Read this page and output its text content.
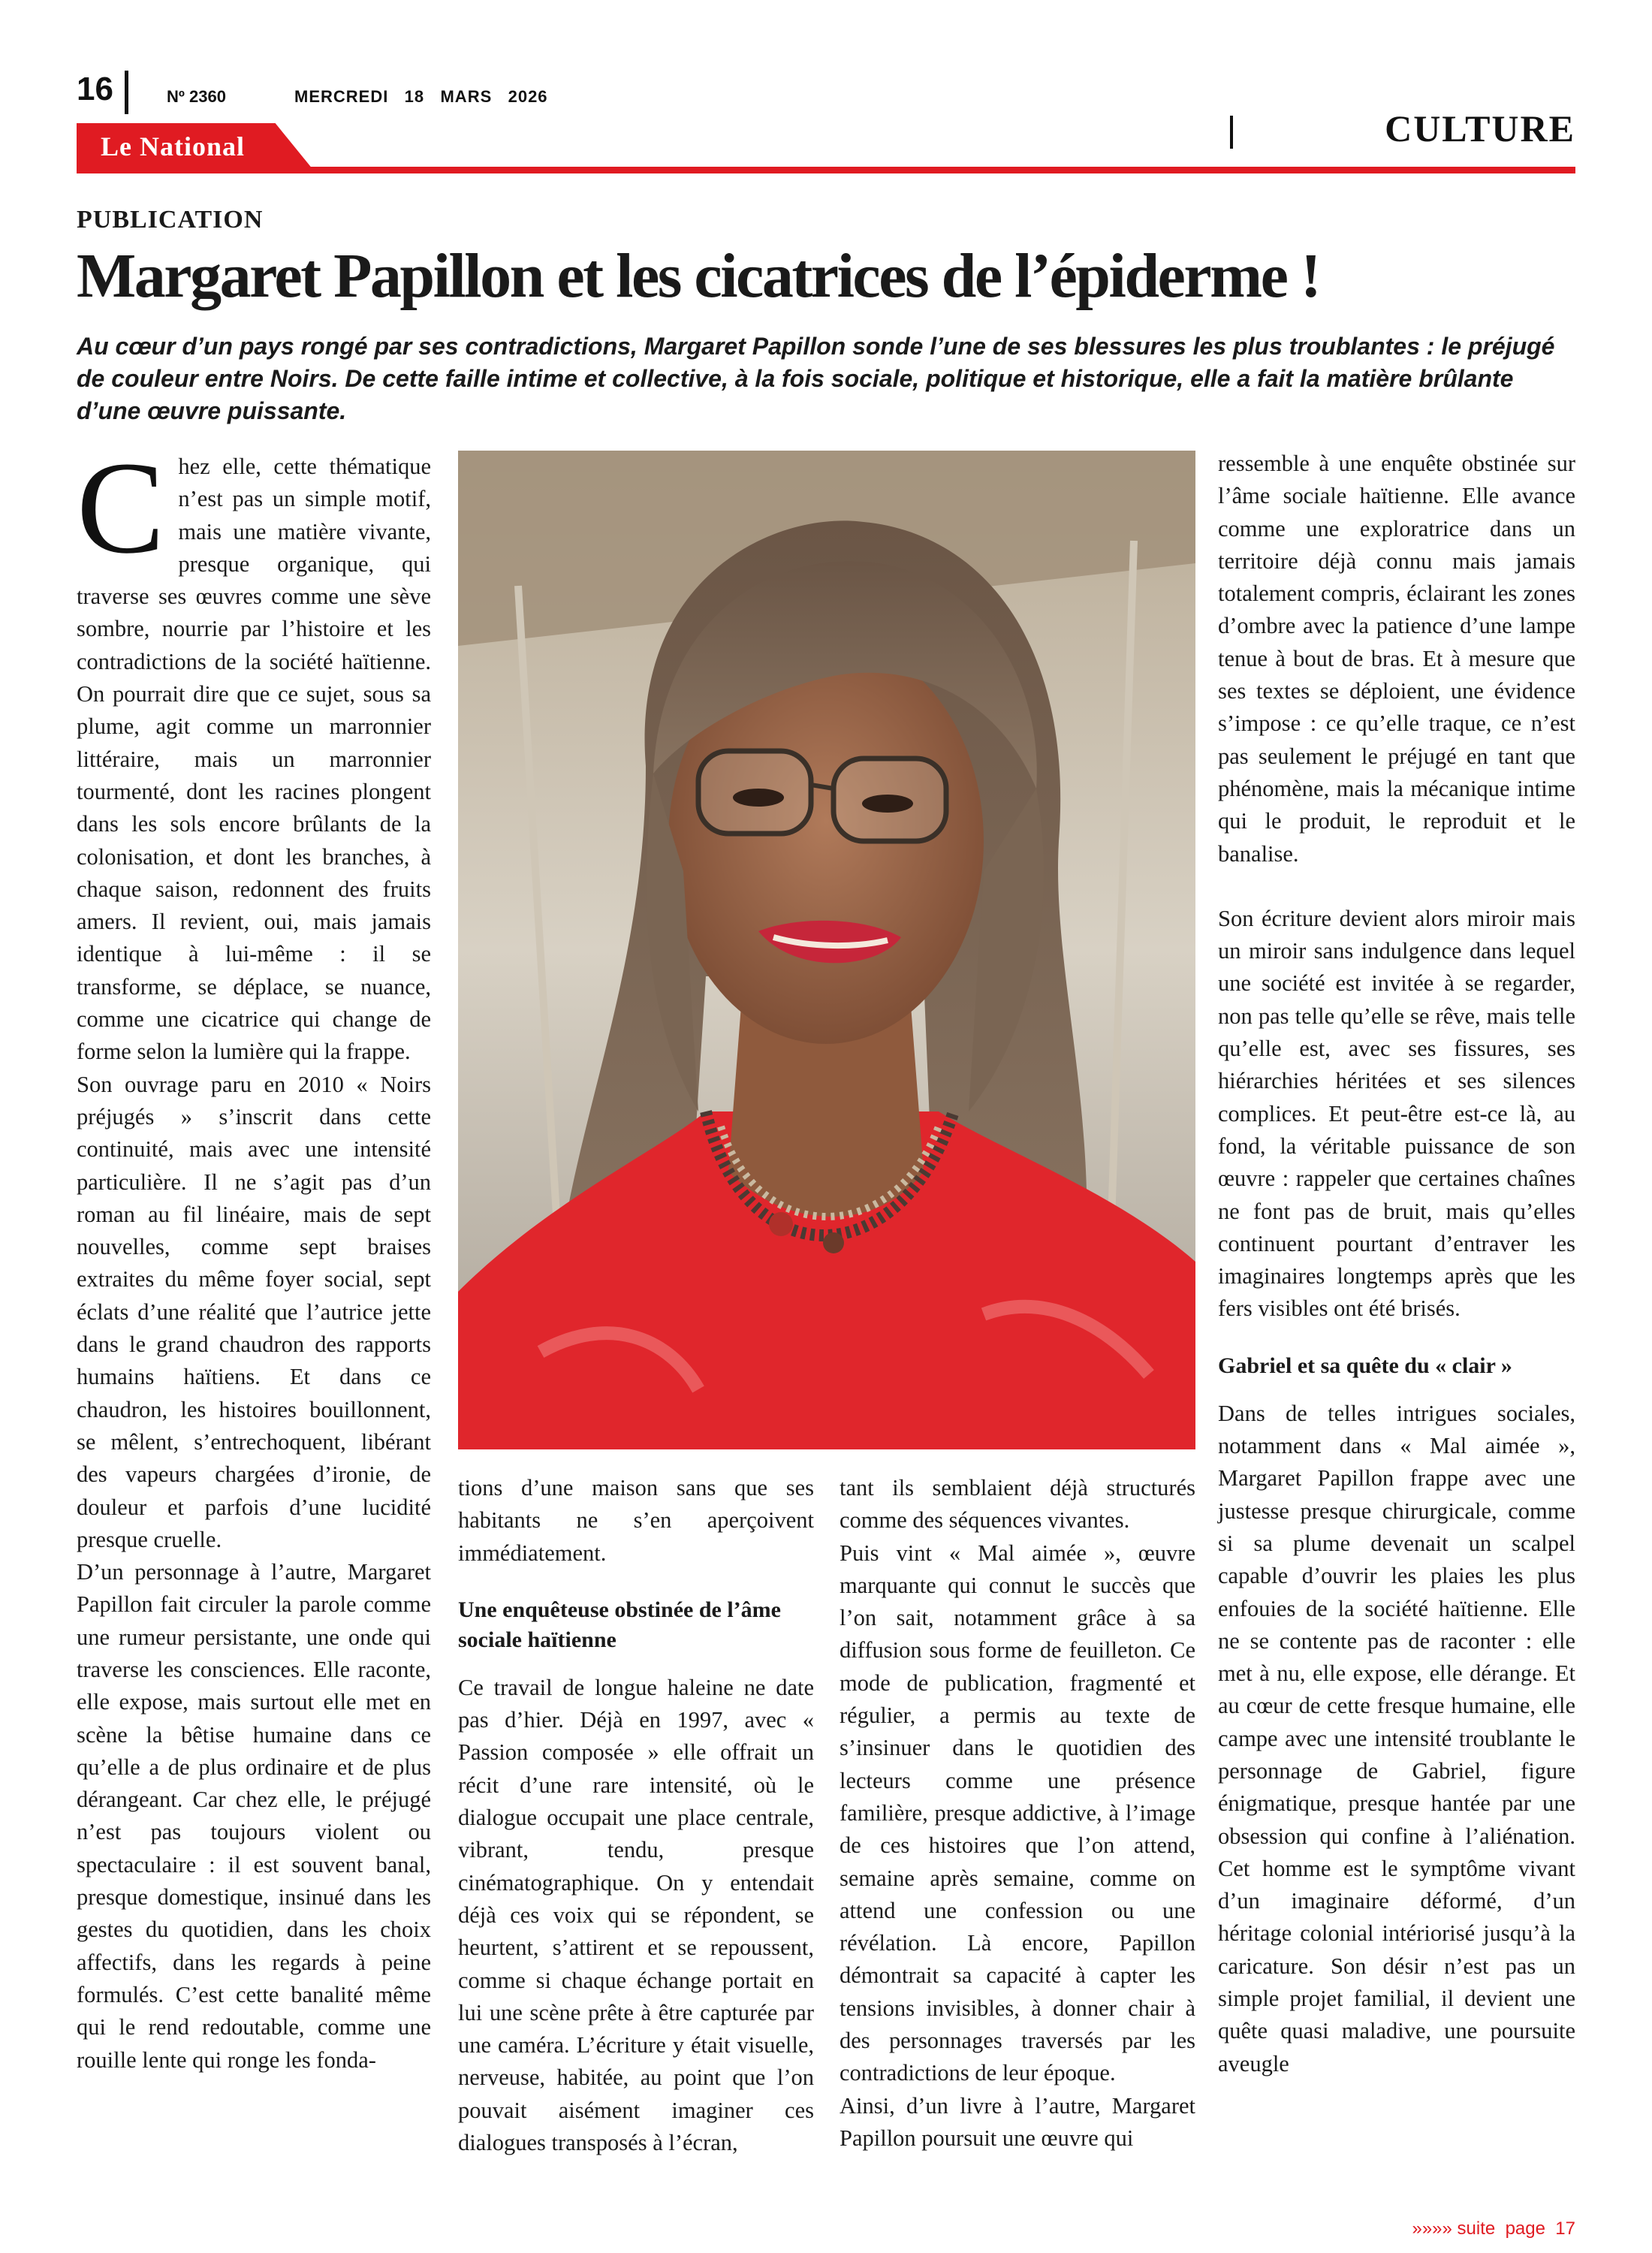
16	Nº 2360	MERCREDI   18   MARS   2026
Le National	CULTURE
PUBLICATION
Margaret Papillon et les cicatrices de l’épiderme !

Au cœur d’un pays rongé par ses contradictions, Margaret Papillon sonde l’une de ses blessures les plus troublantes : le préjugé de couleur entre Noirs. De cette faille intime et collective, à la fois sociale, politique et historique, elle a fait la matière brûlante d’une œuvre puissante.

C hez elle, cette thématique n’est pas un simple motif, mais une matière vivante, presque organique, qui traverse ses œuvres comme une sève sombre, nourrie par l’histoire et les contradictions de la société haïtienne. On pourrait dire que ce sujet, sous sa plume, agit comme un marronnier littéraire, mais un marronnier tourmenté, dont les racines plongent dans les sols encore brûlants de la colonisation, et dont les branches, à chaque saison, redonnent des fruits amers. Il revient, oui, mais jamais identique à lui-même : il se transforme, se déplace, se nuance, comme une cicatrice qui change de forme selon la lumière qui la frappe.

Son ouvrage paru en 2010 « Noirs préjugés » s’inscrit dans cette continuité, mais avec une intensité particulière. Il ne s’agit pas d’un roman au fil linéaire, mais de sept nouvelles, comme sept braises extraites du même foyer social, sept éclats d’une réalité que l’autrice jette dans le grand chaudron des rapports humains haïtiens. Et dans ce chaudron, les histoires bouillonnent, se mêlent, s’entrechoquent, libérant des vapeurs chargées d’ironie, de douleur et parfois d’une lucidité presque cruelle.

D’un personnage à l’autre, Margaret Papillon fait circuler la parole comme une rumeur persistante, une onde qui traverse les consciences. Elle raconte, elle expose, mais surtout elle met en scène la bêtise humaine dans ce qu’elle a de plus ordinaire et de plus dérangeant. Car chez elle, le préjugé n’est pas toujours violent ou spectaculaire : il est souvent banal, presque domestique, insinué dans les gestes du quotidien, dans les choix affectifs, dans les regards à peine formulés. C’est cette banalité même qui le rend redoutable, comme une rouille lente qui ronge les fonda-

tions d’une maison sans que ses habitants ne s’en aperçoivent immédiatement.

Une enquêteuse obstinée de l’âme sociale haïtienne

Ce travail de longue haleine ne date pas d’hier. Déjà en 1997, avec « Passion composée » elle offrait un récit d’une rare intensité, où le dialogue occupait une place centrale, vibrant, tendu, presque cinématographique. On y entendait déjà ces voix qui se répondent, se heurtent, s’attirent et se repoussent, comme si chaque échange portait en lui une scène prête à être capturée par une caméra. L’écriture y était visuelle, nerveuse, habitée, au point que l’on pouvait aisément imaginer ces dialogues transposés à l’écran,

tant ils semblaient déjà structurés comme des séquences vivantes.

Puis vint « Mal aimée », œuvre marquante qui connut le succès que l’on sait, notamment grâce à sa diffusion sous forme de feuilleton. Ce mode de publication, fragmenté et régulier, a permis au texte de s’insinuer dans le quotidien des lecteurs comme une présence familière, presque addictive, à l’image de ces histoires que l’on attend, semaine après semaine, comme on attend une confession ou une révélation. Là encore, Papillon démontrait sa capacité à capter les tensions invisibles, à donner chair à des personnages traversés par les contradictions de leur époque.

Ainsi, d’un livre à l’autre, Margaret Papillon poursuit une œuvre qui

ressemble à une enquête obstinée sur l’âme sociale haïtienne. Elle avance comme une exploratrice dans un territoire déjà connu mais jamais totalement compris, éclairant les zones d’ombre avec la patience d’une lampe tenue à bout de bras. Et à mesure que ses textes se déploient, une évidence s’impose : ce qu’elle traque, ce n’est pas seulement le préjugé en tant que phénomène, mais la mécanique intime qui le produit, le reproduit et le banalise.

Son écriture devient alors miroir mais un miroir sans indulgence dans lequel une société est invitée à se regarder, non pas telle qu’elle se rêve, mais telle qu’elle est, avec ses fissures, ses hiérarchies héritées et ses silences complices. Et peut-être est-ce là, au fond, la véritable puissance de son œuvre : rappeler que certaines chaînes ne font pas de bruit, mais qu’elles continuent pourtant d’entraver les imaginaires longtemps après que les fers visibles ont été brisés.

Gabriel et sa quête du « clair »

Dans de telles intrigues sociales, notamment dans « Mal aimée », Margaret Papillon frappe avec une justesse presque chirurgicale, comme si sa plume devenait un scalpel capable d’ouvrir les plaies les plus enfouies de la société haïtienne. Elle ne se contente pas de raconter : elle met à nu, elle expose, elle dérange. Et au cœur de cette fresque humaine, elle campe avec une intensité troublante le personnage de Gabriel, figure énigmatique, presque hantée par une obsession qui confine à l’aliénation. Cet homme est le symptôme vivant d’un imaginaire déformé, d’un héritage colonial intériorisé jusqu’à la caricature. Son désir n’est pas un simple projet familial, il devient une quête quasi maladive, une poursuite aveugle

»»»» suite  page  17
